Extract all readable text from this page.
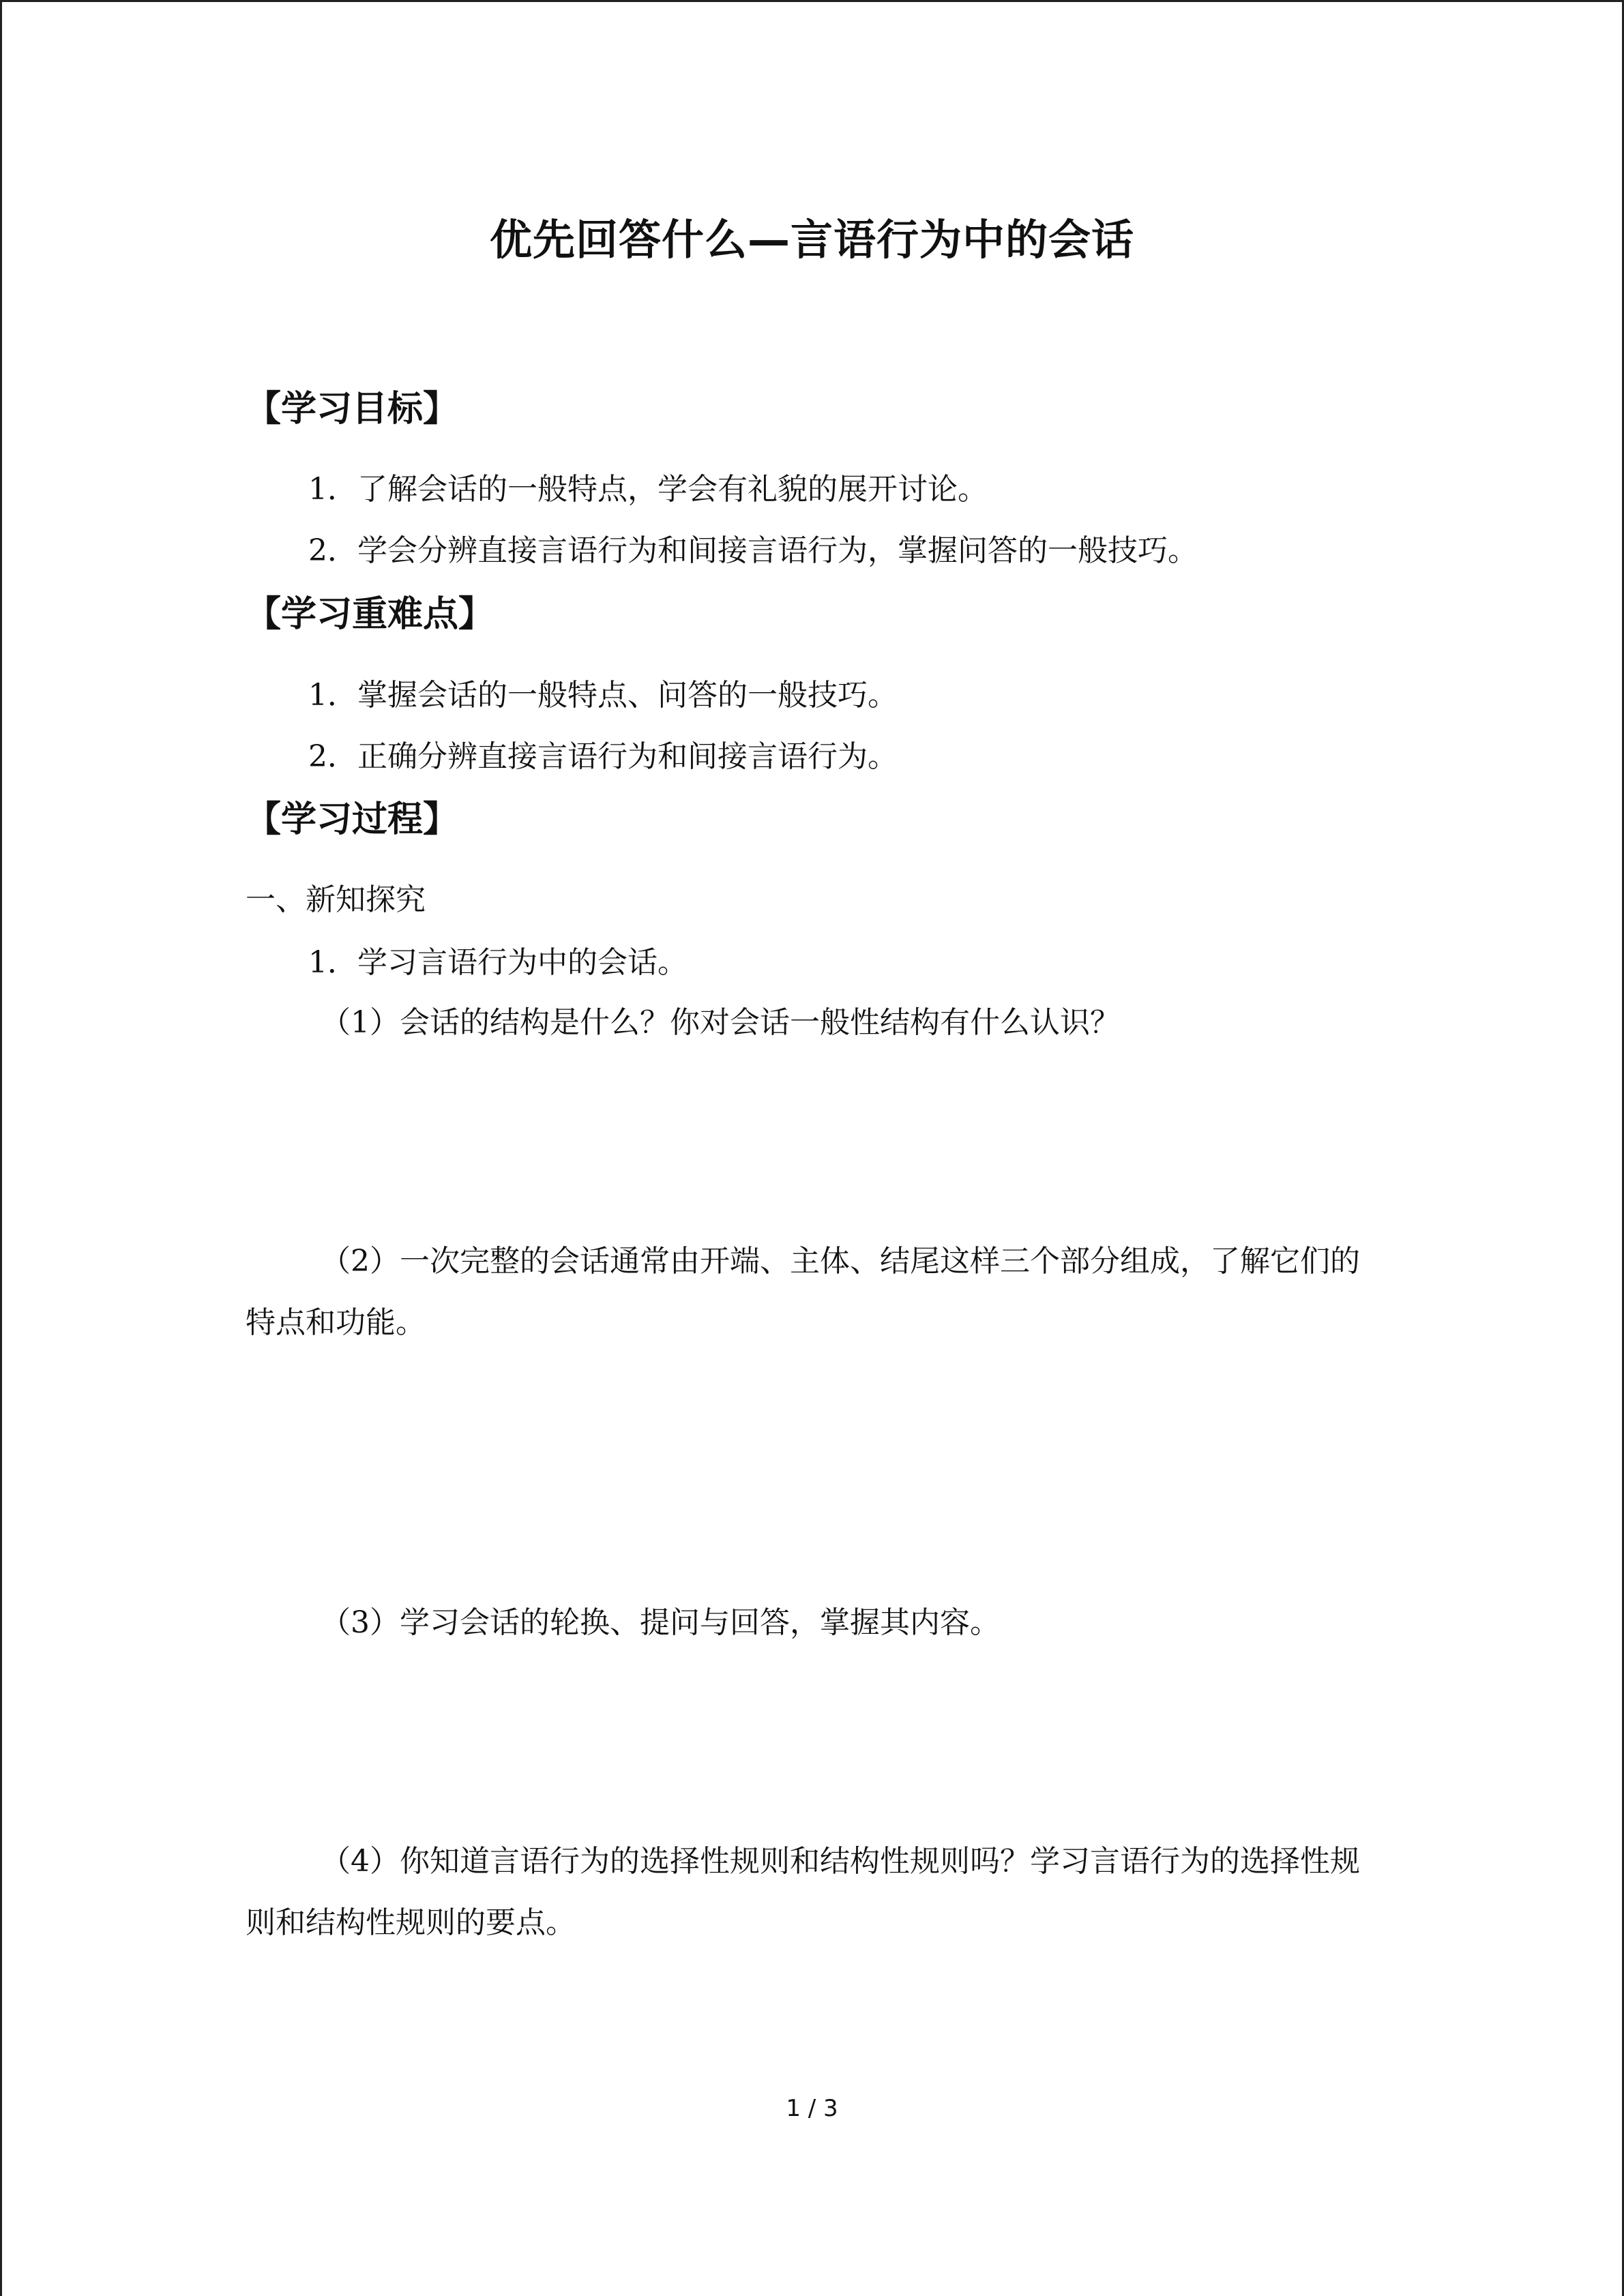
优先回答什么—言语行为中的会话
【学习目标】
1．了解会话的一般特点，学会有礼貌的展开讨论。
2．学会分辨直接言语行为和间接言语行为，掌握问答的一般技巧。
【学习重难点】
1．掌握会话的一般特点、问答的一般技巧。
2．正确分辨直接言语行为和间接言语行为。
【学习过程】
一、新知探究
1．学习言语行为中的会话。
（1）会话的结构是什么？你对会话一般性结构有什么认识？
（2）一次完整的会话通常由开端、主体、结尾这样三个部分组成，了解它们的特点和功能。
（3）学习会话的轮换、提问与回答，掌握其内容。
（4）你知道言语行为的选择性规则和结构性规则吗？学习言语行为的选择性规则和结构性规则的要点。
1 / 3
